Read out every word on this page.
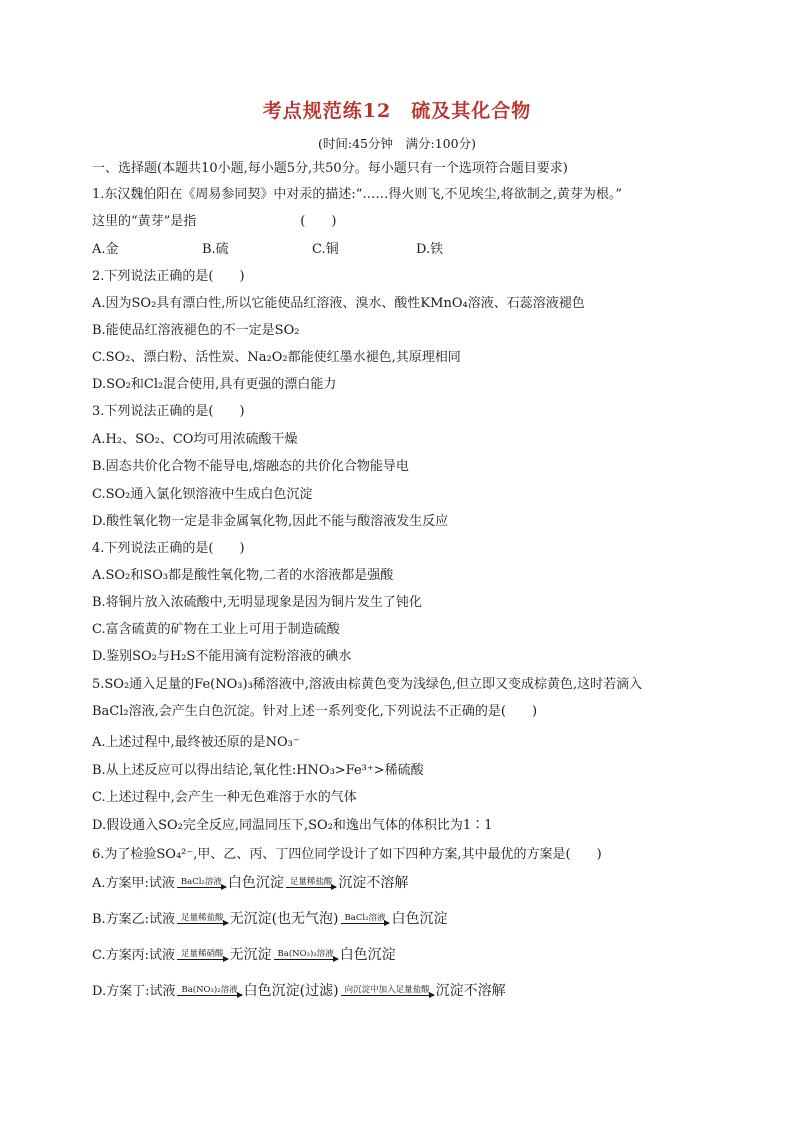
考点规范练12　硫及其化合物
(时间:45分钟　满分:100分)
一、选择题(本题共10小题,每小题5分,共50分。每小题只有一个选项符合题目要求)
1.东汉魏伯阳在《周易参同契》中对汞的描述:“……得火则飞,不见埃尘,将欲制之,黄芽为根。”
这里的“黄芽”是指　　　　　　　　(　　)
A.金	B.硫	C.铜	D.铁
2.下列说法正确的是(　　)
A.因为SO₂具有漂白性,所以它能使品红溶液、溴水、酸性KMnO₄溶液、石蕊溶液褪色
B.能使品红溶液褪色的不一定是SO₂
C.SO₂、漂白粉、活性炭、Na₂O₂都能使红墨水褪色,其原理相同
D.SO₂和Cl₂混合使用,具有更强的漂白能力
3.下列说法正确的是(　　)
A.H₂、SO₂、CO均可用浓硫酸干燥
B.固态共价化合物不能导电,熔融态的共价化合物能导电
C.SO₂通入氯化钡溶液中生成白色沉淀
D.酸性氧化物一定是非金属氧化物,因此不能与酸溶液发生反应
4.下列说法正确的是(　　)
A.SO₂和SO₃都是酸性氧化物,二者的水溶液都是强酸
B.将铜片放入浓硫酸中,无明显现象是因为铜片发生了钝化
C.富含硫黄的矿物在工业上可用于制造硫酸
D.鉴别SO₂与H₂S不能用滴有淀粉溶液的碘水
5.SO₂通入足量的Fe(NO₃)₃稀溶液中,溶液由棕黄色变为浅绿色,但立即又变成棕黄色,这时若滴入
BaCl₂溶液,会产生白色沉淀。针对上述一系列变化,下列说法不正确的是(　　)
A.上述过程中,最终被还原的是NO₃⁻
B.从上述反应可以得出结论,氧化性:HNO₃>Fe³⁺>稀硫酸
C.上述过程中,会产生一种无色难溶于水的气体
D.假设通入SO₂完全反应,同温同压下,SO₂和逸出气体的体积比为1∶1
6.为了检验SO₄²⁻,甲、乙、丙、丁四位同学设计了如下四种方案,其中最优的方案是(　　)
A.方案甲:试液 BaCl₂溶液 白色沉淀 足量稀盐酸 沉淀不溶解
B.方案乙:试液 足量稀盐酸 无沉淀(也无气泡) BaCl₂溶液 白色沉淀
C.方案丙:试液 足量稀硝酸 无沉淀 Ba(NO₃)₂溶液 白色沉淀
D.方案丁:试液 Ba(NO₃)₂溶液 白色沉淀(过滤) 向沉淀中加入足量盐酸 沉淀不溶解
